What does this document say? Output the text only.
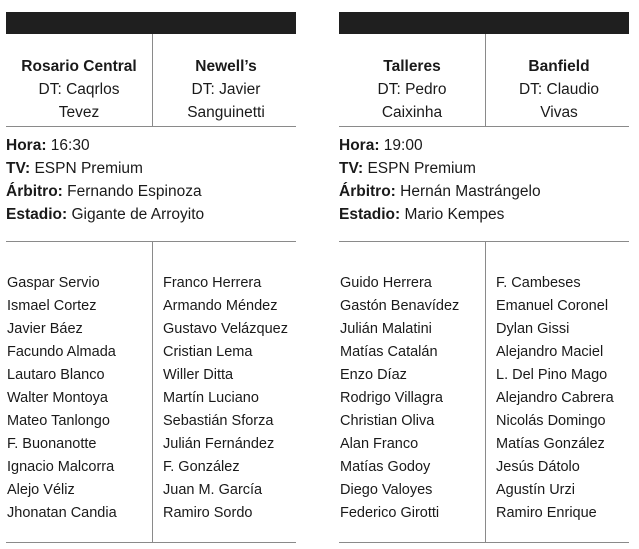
Rosario Central
DT: Caqrlos
Tevez
Newell’s
DT: Javier
Sanguinetti
Hora: 16:30
TV: ESPN Premium
Árbitro: Fernando Espinoza
Estadio: Gigante de Arroyito
Gaspar Servio
Ismael Cortez
Javier Báez
Facundo Almada
Lautaro Blanco
Walter Montoya
Mateo Tanlongo
F. Buonanotte
Ignacio Malcorra
Alejo Véliz
Jhonatan Candia
Franco Herrera
Armando Méndez
Gustavo Velázquez
Cristian Lema
Willer Ditta
Martín Luciano
Sebastián Sforza
Julián Fernández
F. González
Juan M. García
Ramiro Sordo
Talleres
DT: Pedro
Caixinha
Banfield
DT: Claudio
Vivas
Hora: 19:00
TV: ESPN Premium
Árbitro: Hernán Mastrángelo
Estadio: Mario Kempes
Guido Herrera
Gastón Benavídez
Julián Malatini
Matías Catalán
Enzo Díaz
Rodrigo Villagra
Christian Oliva
Alan Franco
Matías Godoy
Diego Valoyes
Federico Girotti
F. Cambeses
Emanuel Coronel
Dylan Gissi
Alejandro Maciel
L. Del Pino Mago
Alejandro Cabrera
Nicolás Domingo
Matías González
Jesús Dátolo
Agustín Urzi
Ramiro Enrique
